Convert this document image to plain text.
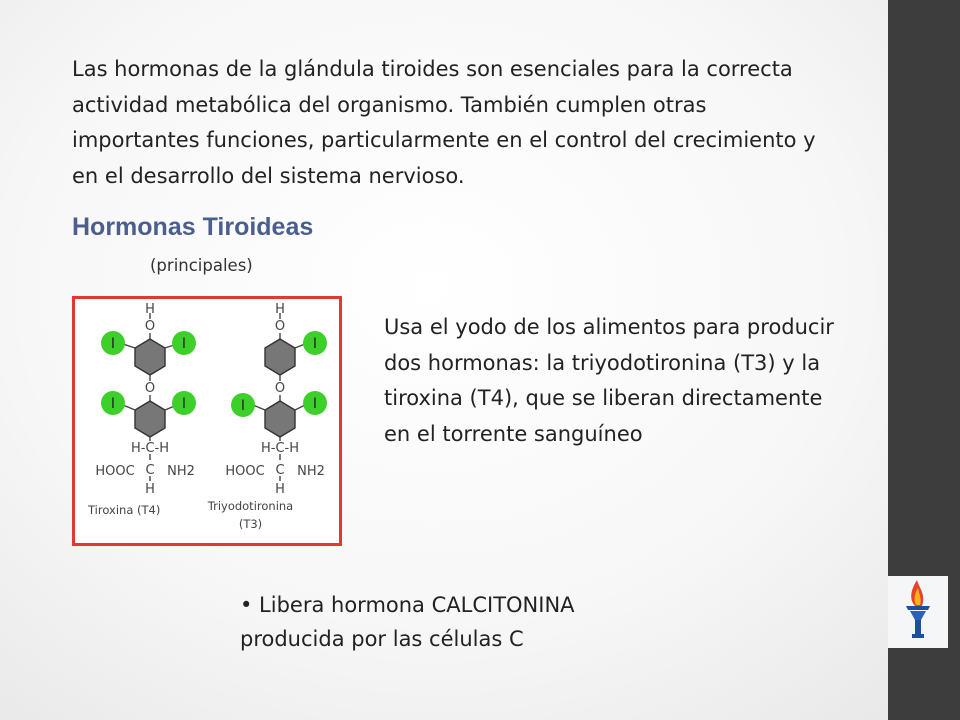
Las hormonas de la glándula tiroides son esenciales para la correcta actividad metabólica del organismo. También cumplen otras importantes funciones, particularmente en el control del crecimiento y en el desarrollo del sistema nervioso.
Hormonas Tiroideas
(principales)
I	I
I	I
I
I	I
H
O
O
H-C-H
HOOC C NH2
H
H
O
O
H-C-H
HOOC C NH2
H
Tiroxina (T4)	Triyodotironina (T3)
Usa el yodo de los alimentos para producir dos hormonas: la triyodotironina (T3) y la tiroxina (T4), que se liberan directamente en el torrente sanguíneo
• Libera hormona CALCITONINA producida por las células C
